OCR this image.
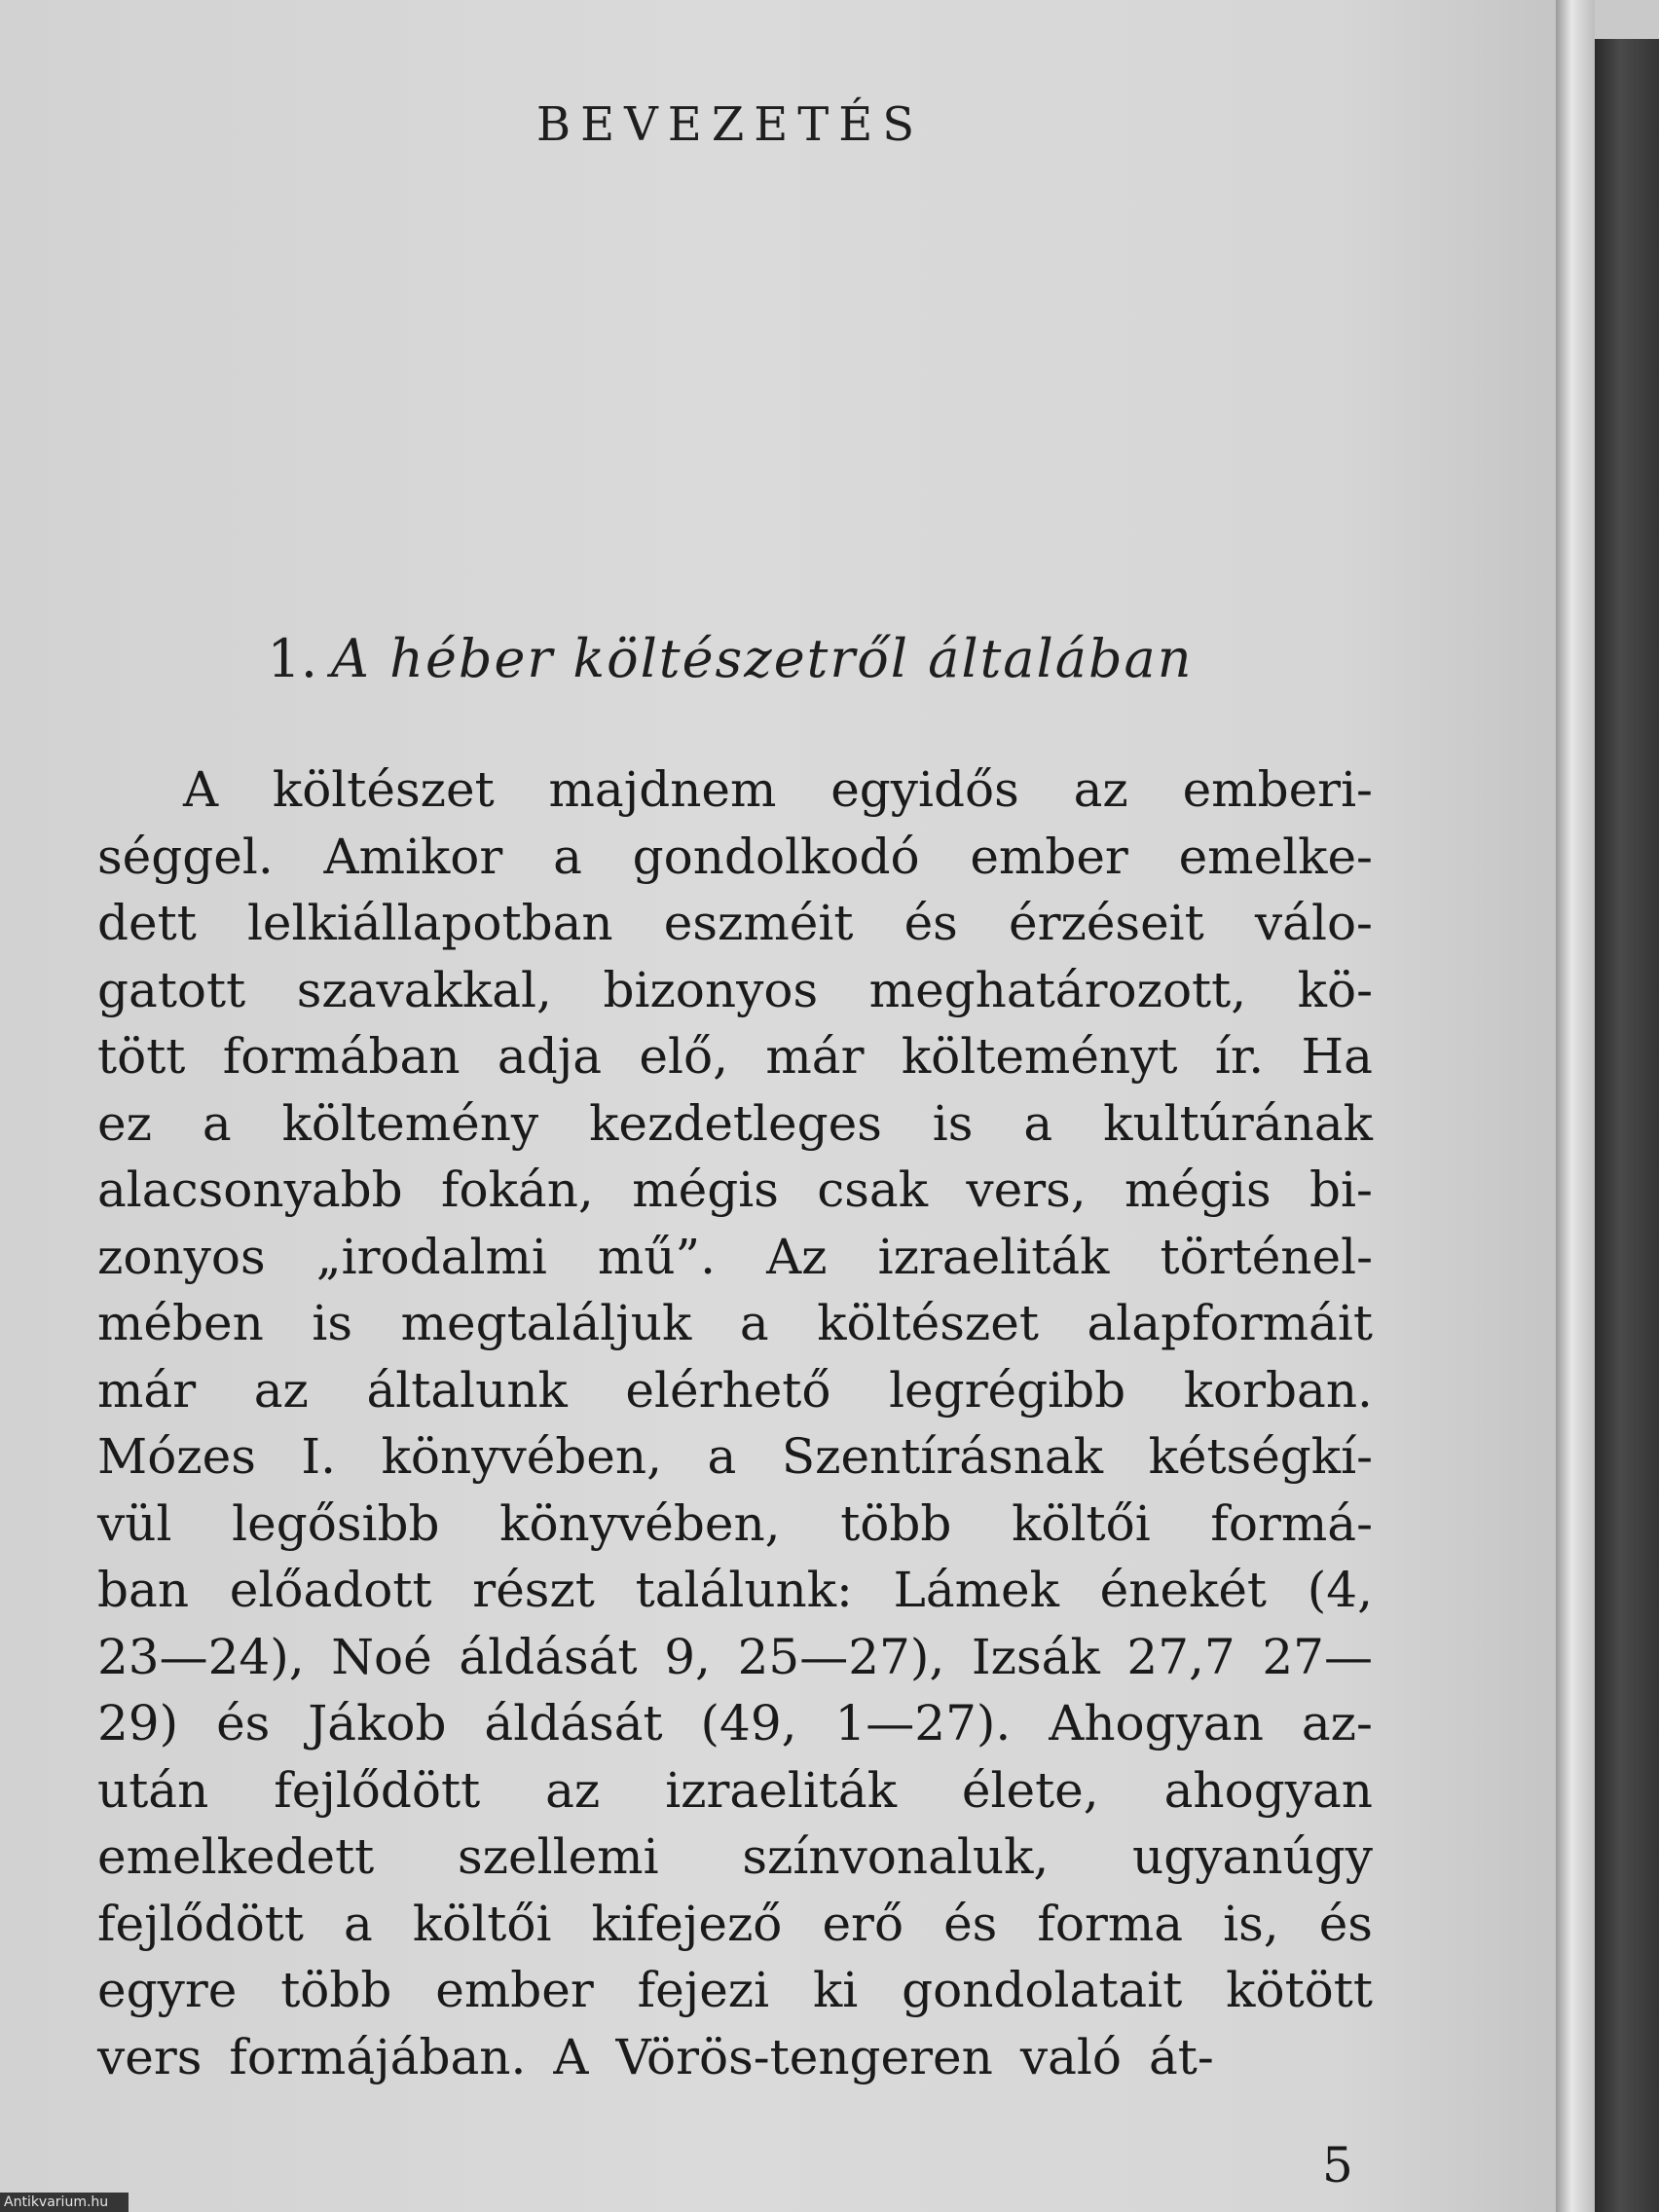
BEVEZETÉS
1. A héber költészetről általában
A költészet majdnem egyidős az emberi-
séggel. Amikor a gondolkodó ember emelke-
dett lelkiállapotban eszméit és érzéseit válo-
gatott szavakkal, bizonyos meghatározott, kö-
tött formában adja elő, már költeményt ír. Ha
ez a költemény kezdetleges is a kultúrának
alacsonyabb fokán, mégis csak vers, mégis bi-
zonyos „irodalmi mű”. Az izraeliták történel-
mében is megtaláljuk a költészet alapformáit
már az általunk elérhető legrégibb korban.
Mózes I. könyvében, a Szentírásnak kétségkí-
vül legősibb könyvében, több költői formá-
ban előadott részt találunk: Lámek énekét (4,
23—24), Noé áldását 9, 25—27), Izsák 27,7 27—
29) és Jákob áldását (49, 1—27). Ahogyan az-
után fejlődött az izraeliták élete, ahogyan
emelkedett szellemi színvonaluk, ugyanúgy
fejlődött a költői kifejező erő és forma is, és
egyre több ember fejezi ki gondolatait kötött
vers formájában. A Vörös-tengeren való át-
5
Antikvarium.hu
